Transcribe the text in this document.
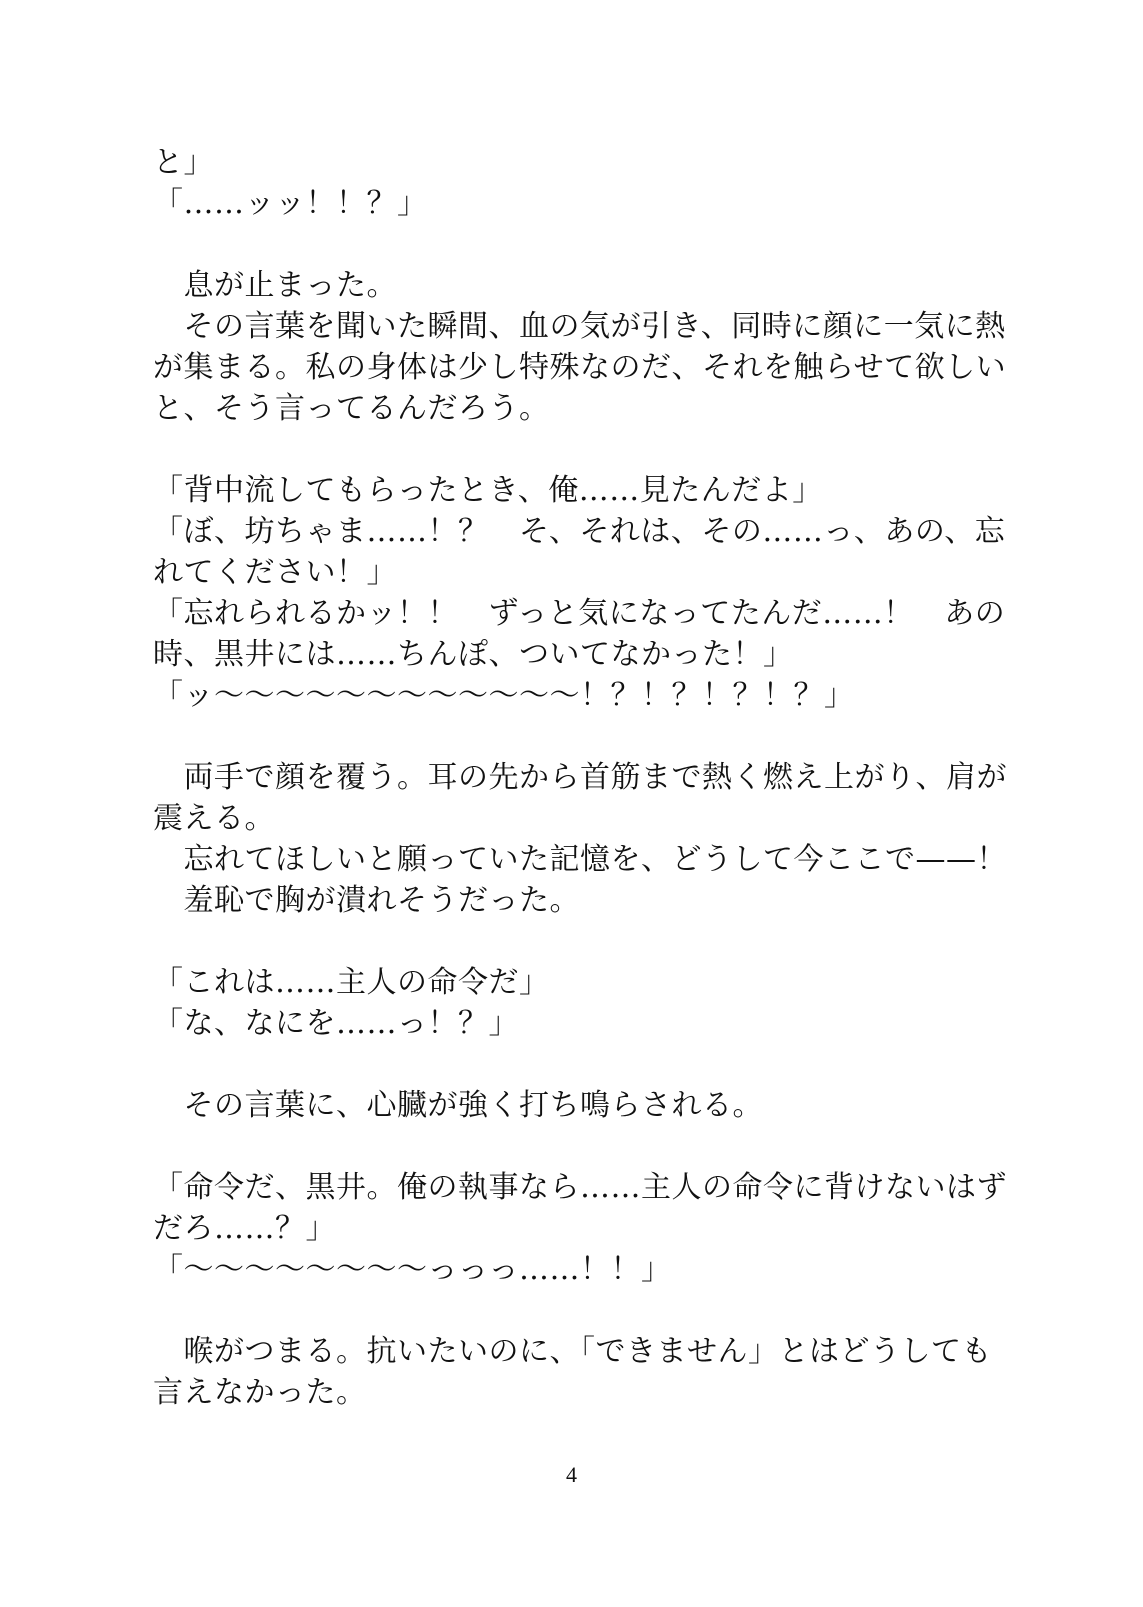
と」
「……ッッ！！？」
　息が止まった。
　その言葉を聞いた瞬間、血の気が引き、同時に顔に一気に熱
が集まる。私の身体は少し特殊なのだ、それを触らせて欲しい
と、そう言ってるんだろう。
「背中流してもらったとき、俺……見たんだよ」
「ぼ、坊ちゃま……！？　そ、それは、その……っ、あの、忘
れてください！」
「忘れられるかッ！！　ずっと気になってたんだ……！　あの
時、黒井には……ちんぽ、ついてなかった！」
「ッ〜〜〜〜〜〜〜〜〜〜〜〜！？！？！？！？」
　両手で顔を覆う。耳の先から首筋まで熱く燃え上がり、肩が
震える。
　忘れてほしいと願っていた記憶を、どうして今ここで——！
　羞恥で胸が潰れそうだった。
「これは……主人の命令だ」
「な、なにを……っ！？」
　その言葉に、心臓が強く打ち鳴らされる。
「命令だ、黒井。俺の執事なら……主人の命令に背けないはず
だろ……？」
「〜〜〜〜〜〜〜〜っっっ……！！」
　喉がつまる。抗いたいのに、「できません」とはどうしても
言えなかった。
4
